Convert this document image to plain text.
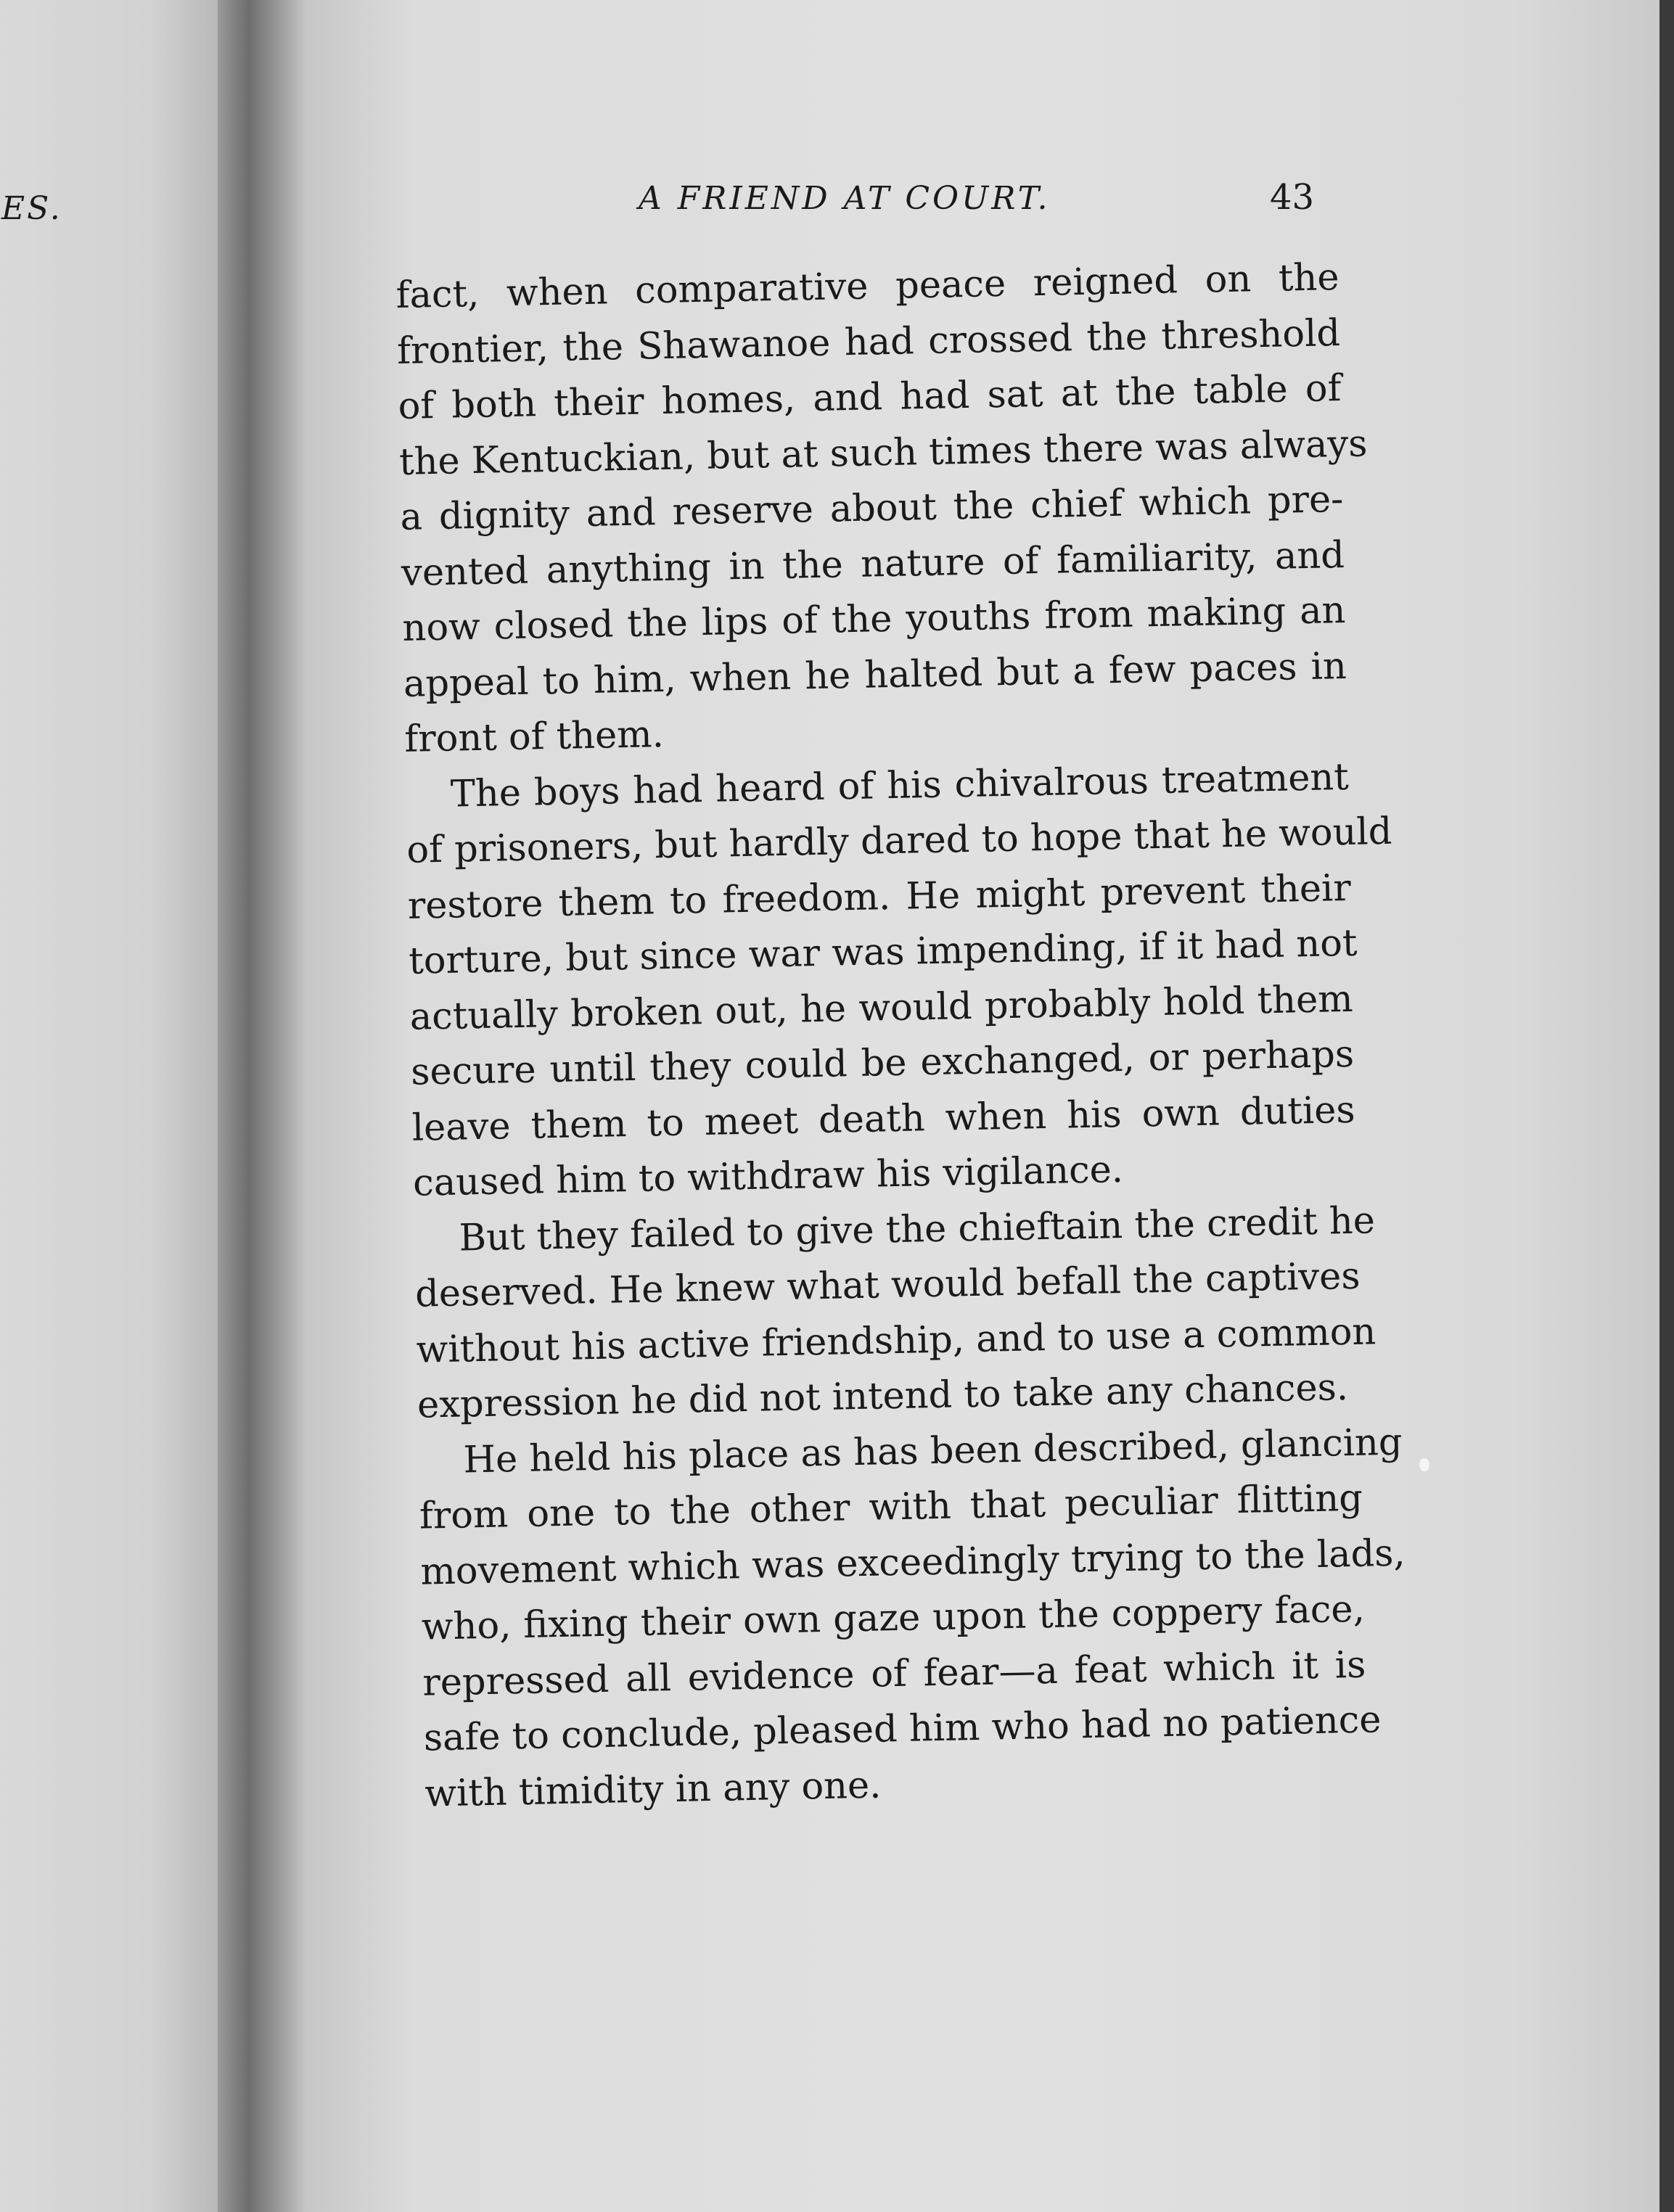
ES.

	A FRIEND AT COURT.	43
fact, when comparative peace reigned on the
frontier, the Shawanoe had crossed the threshold
of both their homes, and had sat at the table of
the Kentuckian, but at such times there was always
a dignity and reserve about the chief which pre-
vented anything in the nature of familiarity, and
now closed the lips of the youths from making an
appeal to him, when he halted but a few paces in
front of them.
The boys had heard of his chivalrous treatment
of prisoners, but hardly dared to hope that he would
restore them to freedom. He might prevent their
torture, but since war was impending, if it had not
actually broken out, he would probably hold them
secure until they could be exchanged, or perhaps
leave them to meet death when his own duties
caused him to withdraw his vigilance.
But they failed to give the chieftain the credit he
deserved. He knew what would befall the captives
without his active friendship, and to use a common
expression he did not intend to take any chances.
He held his place as has been described, glancing
from one to the other with that peculiar flitting
movement which was exceedingly trying to the lads,
who, fixing their own gaze upon the coppery face,
repressed all evidence of fear—a feat which it is
safe to conclude, pleased him who had no patience
with timidity in any one.
